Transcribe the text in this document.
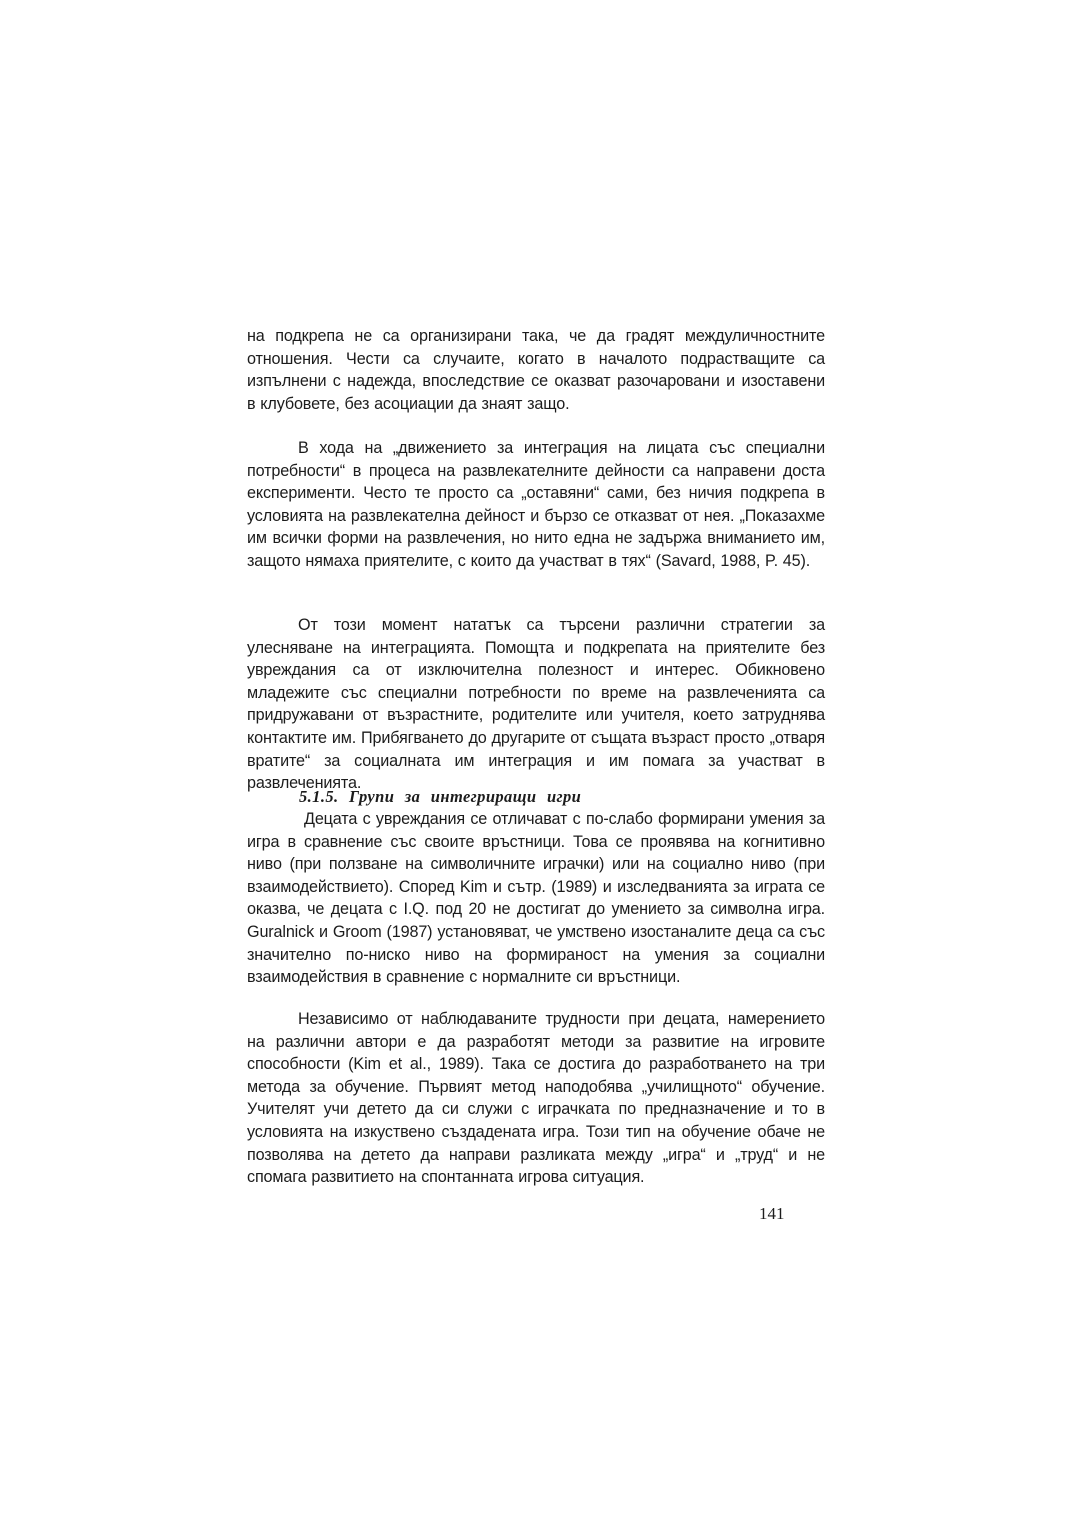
на подкрепа не са организирани така, че да градят междуличностните отношения. Чести са случаите, когато в началото подрастващите са изпълнени с надежда, впоследствие се оказват разочаровани и изоставени в клубовете, без асоциации да знаят защо.

В хода на „движението за интеграция на лицата със специални потребности“ в процеса на развлекателните дейности са направени доста експерименти. Често те просто са „оставяни“ сами, без ничия подкрепа в условията на развлекателна дейност и бързо се отказват от нея. „Показахме им всички форми на развлечения, но нито една не задържа вниманието им, защото нямаха приятелите, с които да участват в тях“ (Savard, 1988, P. 45).

От този момент нататък са търсени различни стратегии за улесняване на интеграцията. Помощта и подкрепата на приятелите без увреждания са от изключителна полезност и интерес. Обикновено младежите със специални потребности по време на развлеченията са придружавани от възрастните, родителите или учителя, което затруднява контактите им. Прибягването до другарите от същата възраст просто „отваря вратите“ за социалната им интеграция и им помага за участват в развлеченията.

5.1.5. Групи за интегриращи игри

Децата с увреждания се отличават с по-слабо формирани умения за игра в сравнение със своите връстници. Това се проявява на когнитивно ниво (при ползване на символичните играчки) или на социално ниво (при взаимодействието). Според Kim и сътр. (1989) и изследванията за играта се оказва, че децата с I.Q. под 20 не достигат до умението за символна игра. Guralnick и Groom (1987) установяват, че умствено изостаналите деца са със значително по-ниско ниво на формираност на умения за социални взаимодействия в сравнение с нормалните си връстници.

Независимо от наблюдаваните трудности при децата, намерението на различни автори е да разработят методи за развитие на игровите способности (Kim et al., 1989). Така се достига до разработването на три метода за обучение. Първият метод наподобява „училищното“ обучение. Учителят учи детето да си служи с играчката по предназначение и то в условията на изкуствено създадената игра. Този тип на обучение обаче не позволява на детето да направи разликата между „игра“ и „труд“ и не спомага развитието на спонтанната игрова ситуация.

141
